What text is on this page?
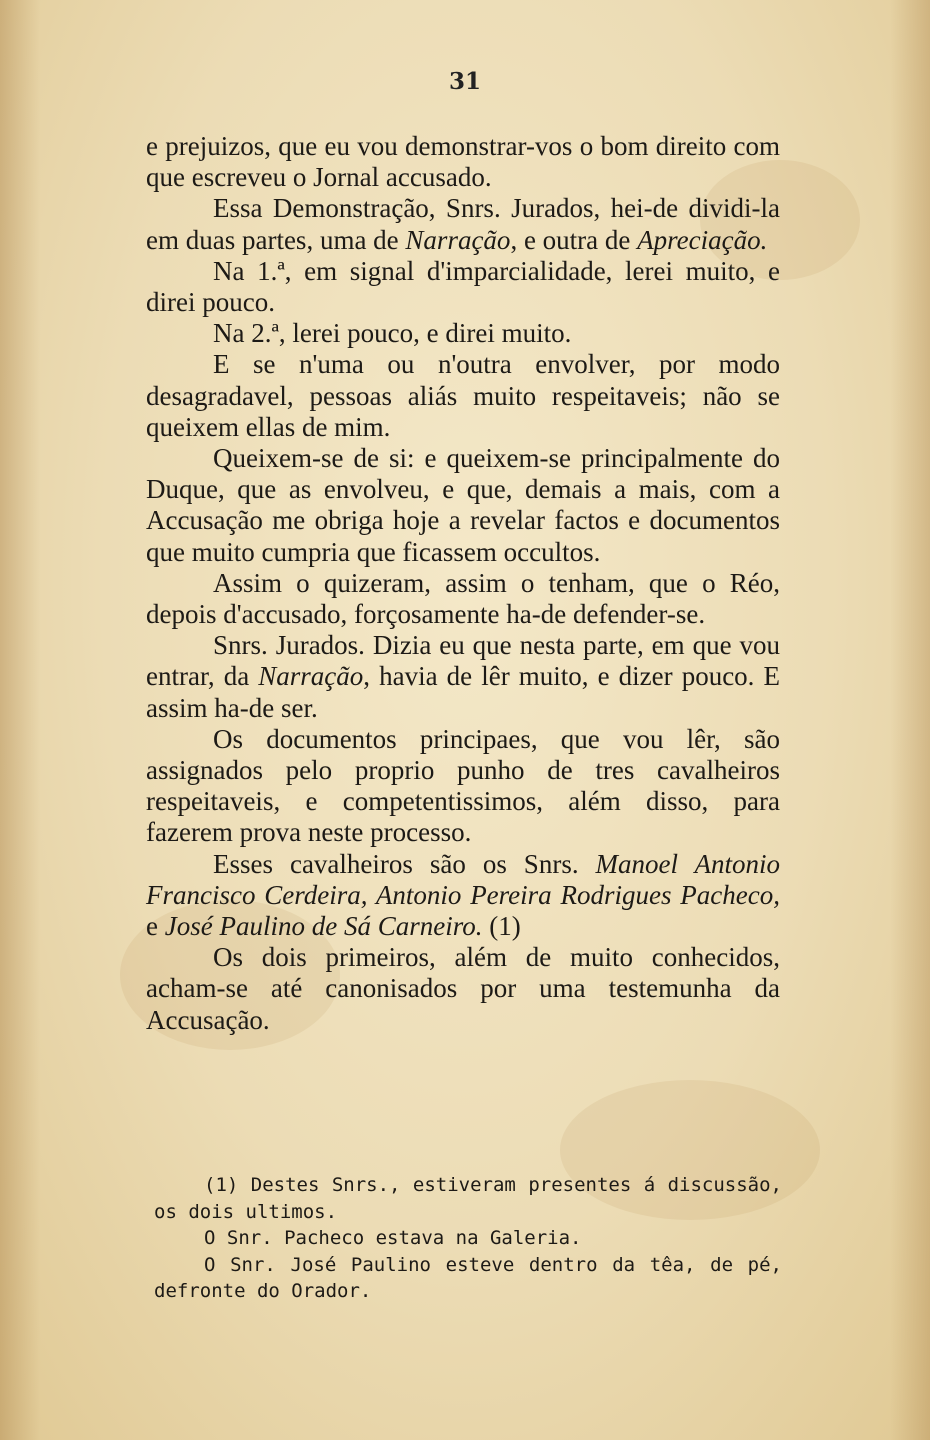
31

e prejuizos, que eu vou demonstrar-vos o bom direito com que escreveu o Jornal accusado.

Essa Demonstração, Snrs. Jurados, hei-de dividi-la em duas partes, uma de Narração, e outra de Apreciação.

Na 1.ª, em signal d'imparcialidade, lerei muito, e direi pouco.

Na 2.ª, lerei pouco, e direi muito.

E se n'uma ou n'outra envolver, por modo desagradavel, pessoas aliás muito respeitaveis; não se queixem ellas de mim.

Queixem-se de si: e queixem-se principalmente do Duque, que as envolveu, e que, demais a mais, com a Accusação me obriga hoje a revelar factos e documentos que muito cumpria que ficassem occultos.

Assim o quizeram, assim o tenham, que o Réo, depois d'accusado, forçosamente ha-de defender-se.

Snrs. Jurados. Dizia eu que nesta parte, em que vou entrar, da Narração, havia de lêr muito, e dizer pouco. E assim ha-de ser.

Os documentos principaes, que vou lêr, são assignados pelo proprio punho de tres cavalheiros respeitaveis, e competentissimos, além disso, para fazerem prova neste processo.

Esses cavalheiros são os Snrs. Manoel Antonio Francisco Cerdeira, Antonio Pereira Rodrigues Pacheco, e José Paulino de Sá Carneiro. (1)

Os dois primeiros, além de muito conhecidos, acham-se até canonisados por uma testemunha da Accusação.

(1) Destes Snrs., estiveram presentes á discussão, os dois ultimos.

O Snr. Pacheco estava na Galeria.

O Snr. José Paulino esteve dentro da têa, de pé, defronte do Orador.
